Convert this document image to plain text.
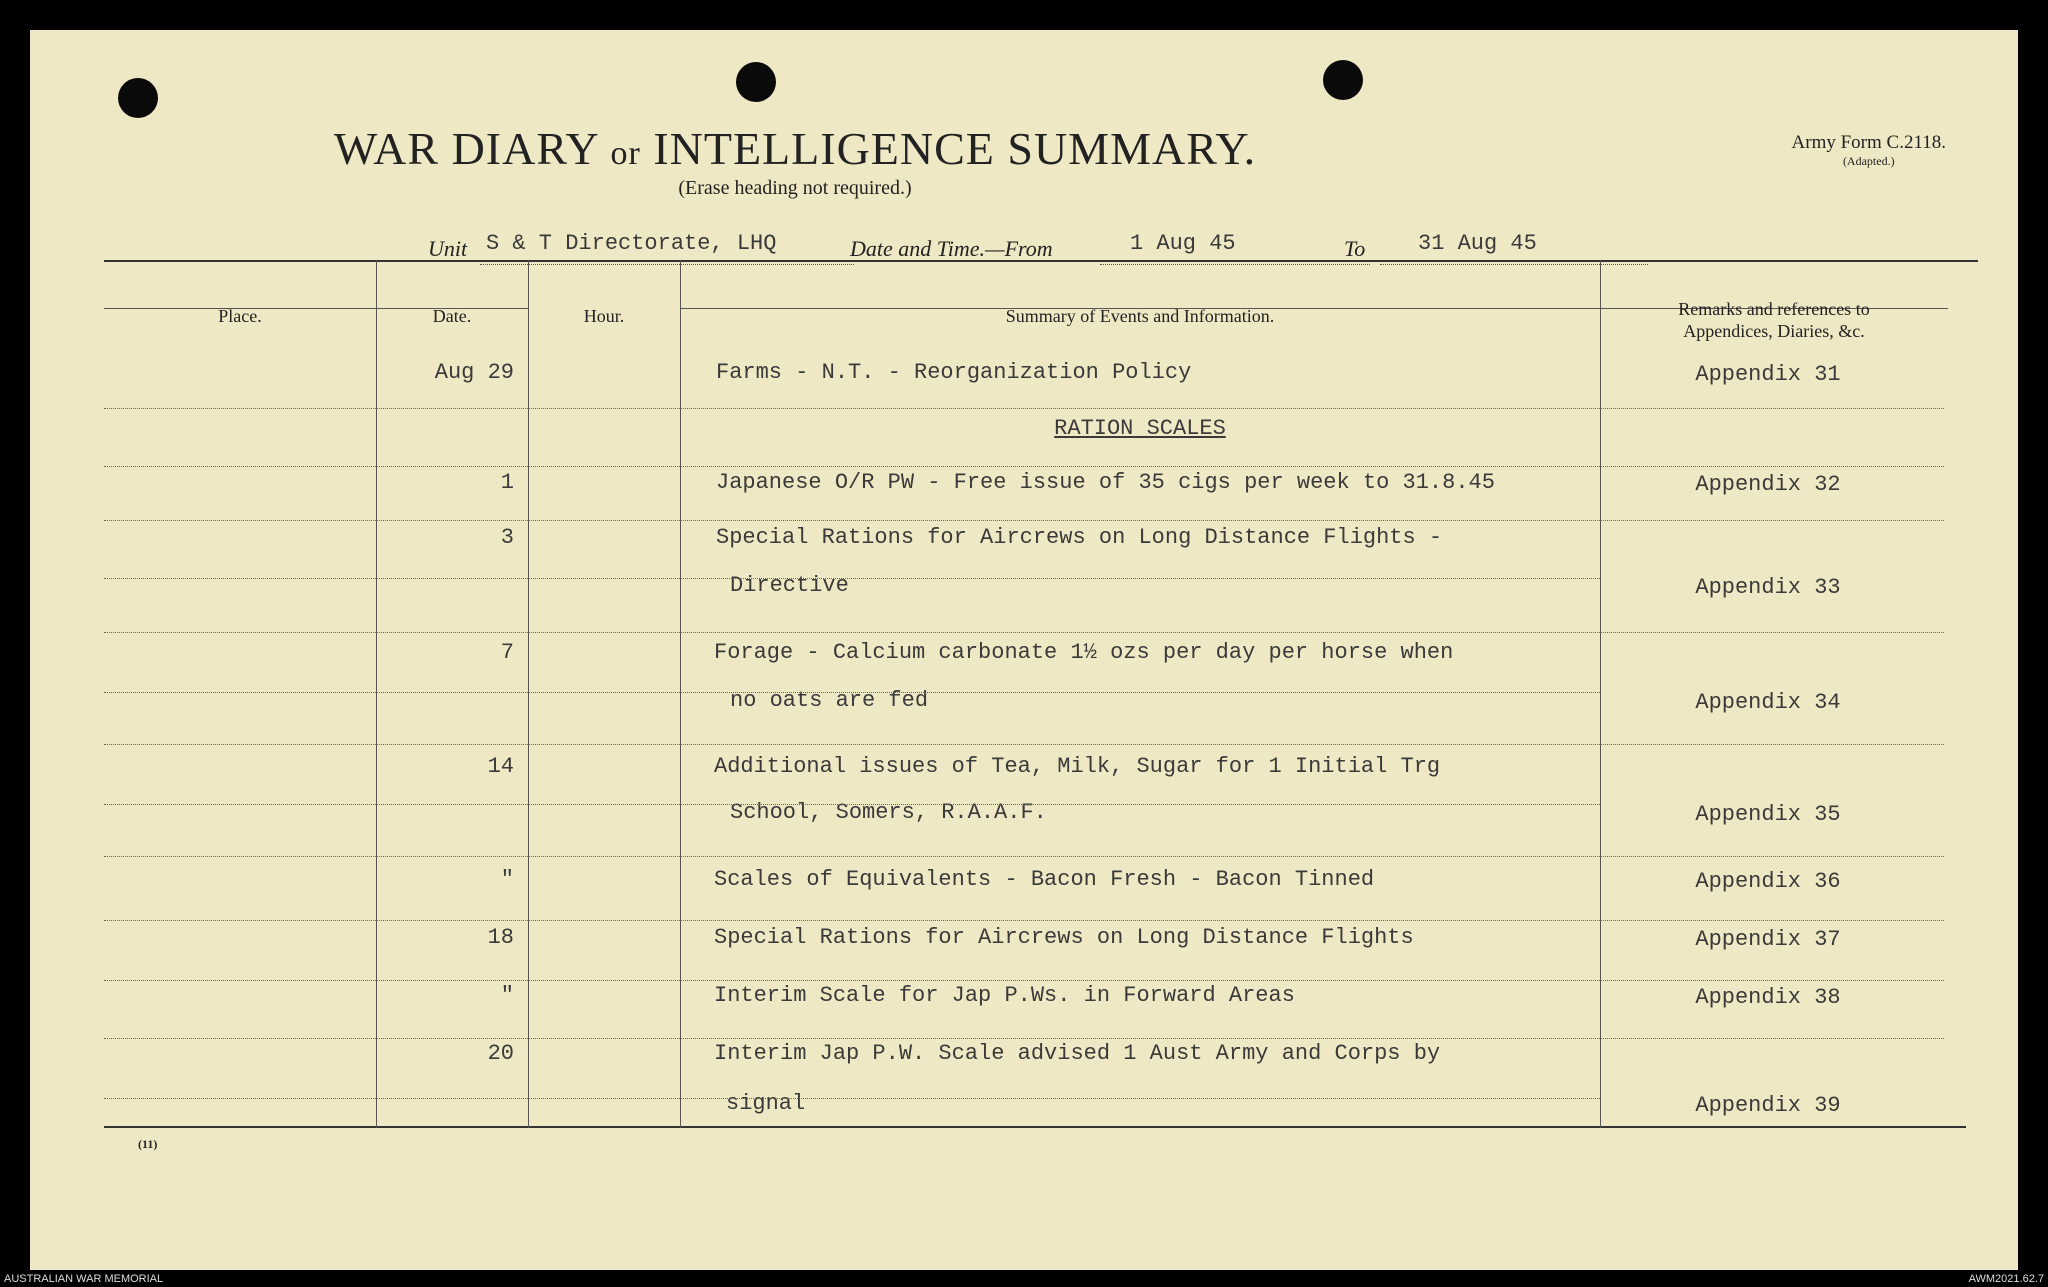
WAR DIARY or INTELLIGENCE SUMMARY.
(Erase heading not required.)
Army Form C.2118.
(Adapted.)
Unit S & T Directorate, LHQ	Date and Time.—From	1 Aug 45	To 31 Aug 45
Place.	Date.	Hour.	Summary of Events and Information.	Remarks and references to
Appendices, Diaries, &c.
Aug 29	Farms - N.T. - Reorganization Policy	Appendix 31
RATION SCALES
1	Japanese O/R PW - Free issue of 35 cigs per week to 31.8.45	Appendix 32
3	Special Rations for Aircrews on Long Distance Flights -
Directive	Appendix 33
7	Forage - Calcium carbonate 1½ ozs per day per horse when
no oats are fed	Appendix 34
14	Additional issues of Tea, Milk, Sugar for 1 Initial Trg
School, Somers, R.A.A.F.	Appendix 35
"	Scales of Equivalents - Bacon Fresh - Bacon Tinned	Appendix 36
18	Special Rations for Aircrews on Long Distance Flights	Appendix 37
"	Interim Scale for Jap P.Ws. in Forward Areas	Appendix 38
20	Interim Jap P.W. Scale advised 1 Aust Army and Corps by
signal	Appendix 39
(11)
AUSTRALIAN WAR MEMORIAL	AWM2021.62.7
